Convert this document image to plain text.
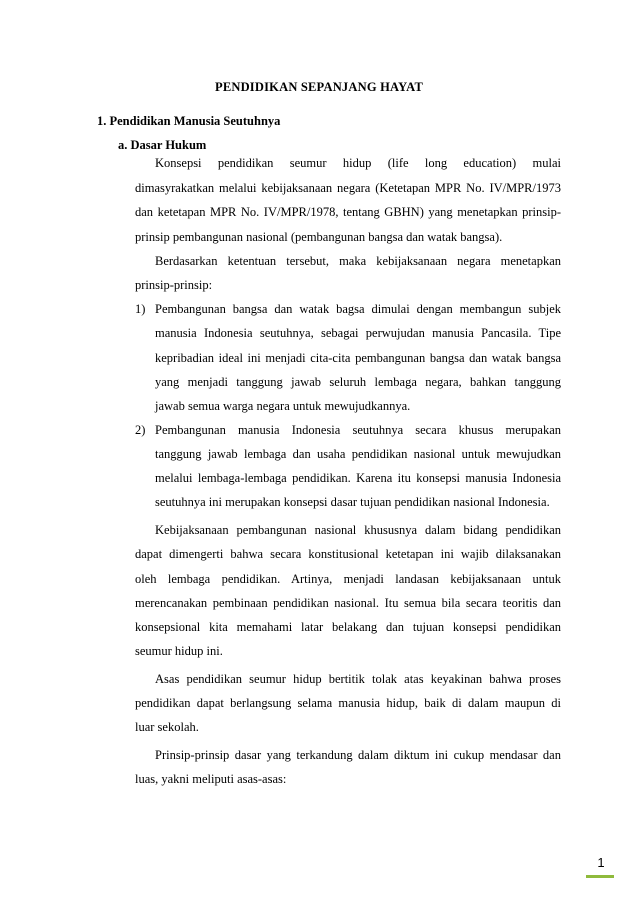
PENDIDIKAN SEPANJANG HAYAT
1. Pendidikan Manusia Seutuhnya
a. Dasar Hukum
Konsepsi pendidikan seumur hidup (life long education) mulai
dimasyrakatkan melalui kebijaksanaan negara (Ketetapan MPR No. IV/MPR/1973
dan ketetapan MPR No. IV/MPR/1978, tentang GBHN) yang menetapkan prinsip-
prinsip pembangunan nasional (pembangunan bangsa dan watak bangsa).
Berdasarkan ketentuan tersebut, maka kebijaksanaan negara menetapkan
prinsip-prinsip:
1) Pembangunan bangsa dan watak bagsa dimulai dengan membangun subjek
manusia Indonesia seutuhnya, sebagai perwujudan manusia Pancasila. Tipe
kepribadian ideal ini menjadi cita-cita pembangunan bangsa dan watak bangsa
yang menjadi tanggung jawab seluruh lembaga negara, bahkan tanggung
jawab semua warga negara untuk mewujudkannya.
2) Pembangunan manusia Indonesia seutuhnya secara khusus merupakan
tanggung jawab lembaga dan usaha pendidikan nasional untuk mewujudkan
melalui lembaga-lembaga pendidikan. Karena itu konsepsi manusia Indonesia
seutuhnya ini merupakan konsepsi dasar tujuan pendidikan nasional Indonesia.
Kebijaksanaan pembangunan nasional khususnya dalam bidang pendidikan
dapat dimengerti bahwa secara konstitusional ketetapan ini wajib dilaksanakan
oleh lembaga pendidikan. Artinya, menjadi landasan kebijaksanaan untuk
merencanakan pembinaan pendidikan nasional. Itu semua bila secara teoritis dan
konsepsional kita memahami latar belakang dan tujuan konsepsi pendidikan
seumur hidup ini.
Asas pendidikan seumur hidup bertitik tolak atas keyakinan bahwa proses
pendidikan dapat berlangsung selama manusia hidup, baik di dalam maupun di
luar sekolah.
Prinsip-prinsip dasar yang terkandung dalam diktum ini cukup mendasar dan
luas, yakni meliputi asas-asas:
1
